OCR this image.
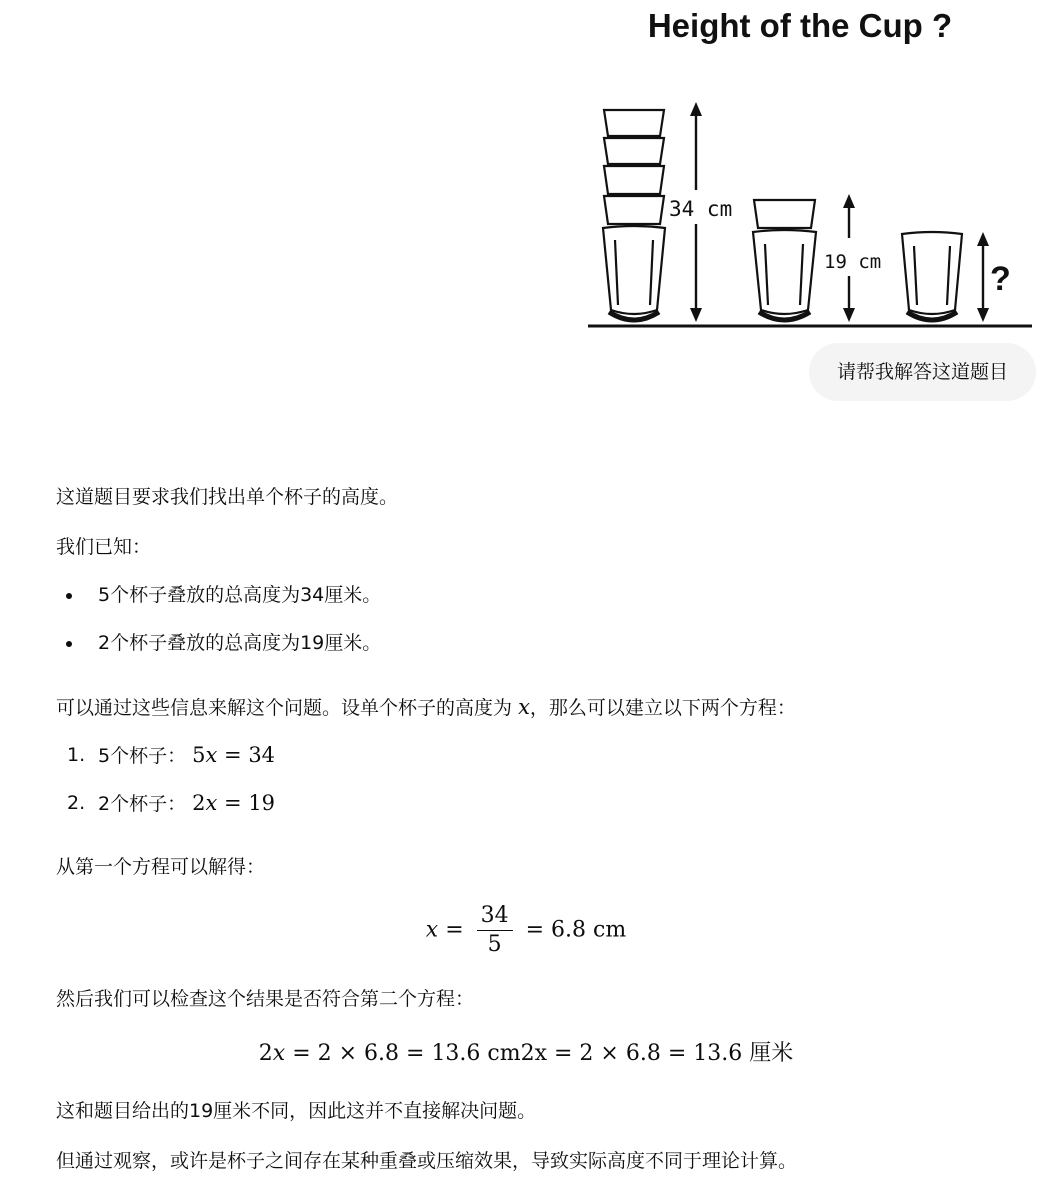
Height of the Cup ?
34 cm
19 cm	?
请帮我解答这道题目

这道题目要求我们找出单个杯子的高度。

我们已知：

5个杯子叠放的总高度为34厘米。
2个杯子叠放的总高度为19厘米。

可以通过这些信息来解这个问题。设单个杯子的高度为 x，那么可以建立以下两个方程：

1. 5个杯子： 5x = 34
2. 2个杯子： 2x = 19

从第一个方程可以解得：

$x = \frac{34}{5} = 6.8$ cm

然后我们可以检查这个结果是否符合第二个方程：

2x = 2 × 6.8 = 13.6 cm2x = 2 × 6.8 = 13.6 厘米

这和题目给出的19厘米不同，因此这并不直接解决问题。

但通过观察，或许是杯子之间存在某种重叠或压缩效果，导致实际高度不同于理论计算。
